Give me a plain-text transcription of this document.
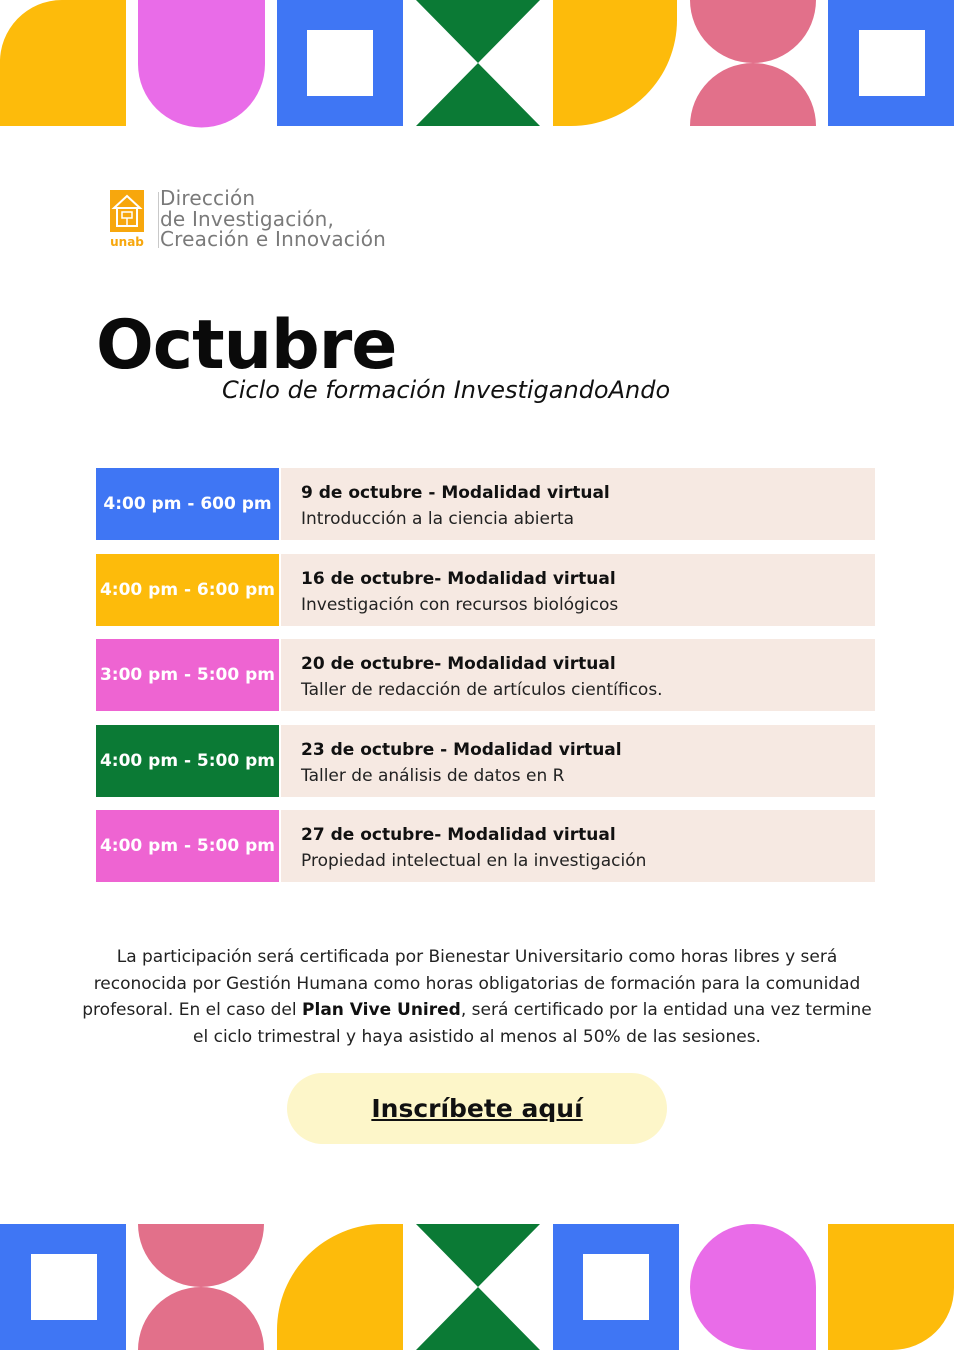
unab
Dirección
de Investigación,
Creación e Innovación
Octubre
Ciclo de formación InvestigandoAndo
4:00 pm - 600 pm
9 de octubre - Modalidad virtual
Introducción a la ciencia abierta
4:00 pm - 6:00 pm
16 de octubre- Modalidad virtual
Investigación con recursos biológicos
3:00 pm - 5:00 pm
20 de octubre- Modalidad virtual
Taller de redacción de artículos científicos.
4:00 pm - 5:00 pm
23 de octubre - Modalidad virtual
Taller de análisis de datos en R
4:00 pm - 5:00 pm
27 de octubre- Modalidad virtual
Propiedad intelectual en la investigación
La participación será certificada por Bienestar Universitario como horas libres y será reconocida por Gestión Humana como horas obligatorias de formación para la comunidad profesoral. En el caso del Plan Vive Unired, será certificado por la entidad una vez termine el ciclo trimestral y haya asistido al menos al 50% de las sesiones.
Inscríbete aquí
